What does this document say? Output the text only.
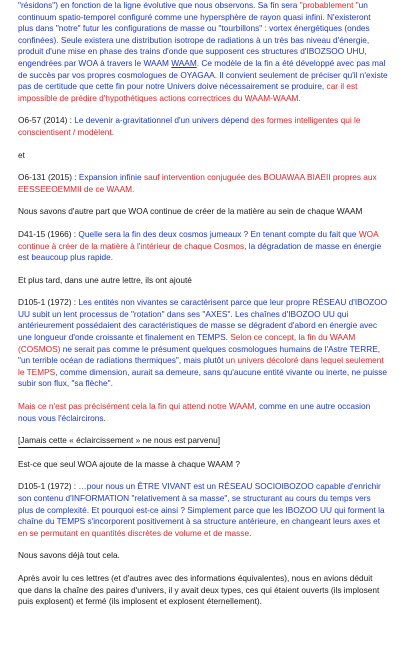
"résidons") en fonction de la ligne évolutive que nous observons. Sa fin sera "probablement "un continuum spatio-temporel configuré comme une hypersphère de rayon quasi infini. N'existeront plus dans "notre" futur les configurations de masse ou "tourbillons" : vortex énergétiques (ondes confinées). Seule existera une distribution isotrope de radiations à un très bas niveau d'énergie, produit d'une mise en phase des trains d'onde que supposent ces structures d'IBOZSOO UHU, engendrées par WOA à travers le WAAM WAAM. Ce modèle de la fin a été développé avec pas mal de succès par vos propres cosmologues de OYAGAA. Il convient seulement de préciser qu'il n'existe pas de certitude que cette fin pour notre Univers doive nécessairement se produire, car il est impossible de prédire d'hypothétiques actions correctrices du WAAM-WAAM.

O6-57 (2014) : Le devenir a-gravitationnel d'un univers dépend des formes intelligentes qui le conscientisent / modèlent.

et

O6-131 (2015) : Expansion infinie sauf intervention conjuguée des BOUAWAA BIAEII propres aux EESSEEOEMMII de ce WAAM.

Nous savons d'autre part que WOA continue de créer de la matière au sein de chaque WAAM

D41-15 (1966) : Quelle sera la fin des deux cosmos jumeaux ? En tenant compte du fait que WOA continue à créer de la matière à l'intérieur de chaque Cosmos, la dégradation de masse en énergie est beaucoup plus rapide.

Et plus tard, dans une autre lettre, ils ont ajouté

D105-1 (1972) : Les entités non vivantes se caractérisent parce que leur propre RÉSEAU d'IBOZOO UU subit un lent processus de "rotation" dans ses "AXES". Les chaînes d'IBOZOO UU qui antérieurement possédaient des caractéristiques de masse se dégradent d'abord en énergie avec une longueur d'onde croissante et finalement en TEMPS. Selon ce concept, la fin du WAAM (COSMOS) ne serait pas comme le présument quelques cosmologues humains de l'Astre TERRE, "un terrible océan de radiations thermiques", mais plutôt un univers décoloré dans lequel seulement le TEMPS, comme dimension, aurait sa demeure, sans qu'aucune entité vivante ou inerte, ne puisse subir son flux, "sa flèche".

Mais ce n'est pas précisément cela la fin qui attend notre WAAM, comme en une autre occasion nous vous l'éclaircirons.

[Jamais cette « éclaircissement » ne nous est parvenu]

Est-ce que seul WOA ajoute de la masse à chaque WAAM ?

D105-1 (1972) : …pour nous un ÊTRE VIVANT est un RÉSEAU SOCIOIBOZOO capable d'enrichir son contenu d'INFORMATION "relativement à sa masse", se structurant au cours du temps vers plus de complexité. Et pourquoi est-ce ainsi ? Simplement parce que les IBOZOO UU qui forment la chaîne du TEMPS s'incorporent positivement à sa structure antérieure, en changeant leurs axes et en se permutant en quantités discrètes de volume et de masse.

Nous savons déjà tout cela.

Après avoir lu ces lettres (et d'autres avec des informations équivalentes), nous en avions déduit que dans la chaîne des paires d'univers, il y avait deux types, ces qui étaient ouverts (ils implosent puis explosent) et fermé (ils implosent et explosent éternellement).
